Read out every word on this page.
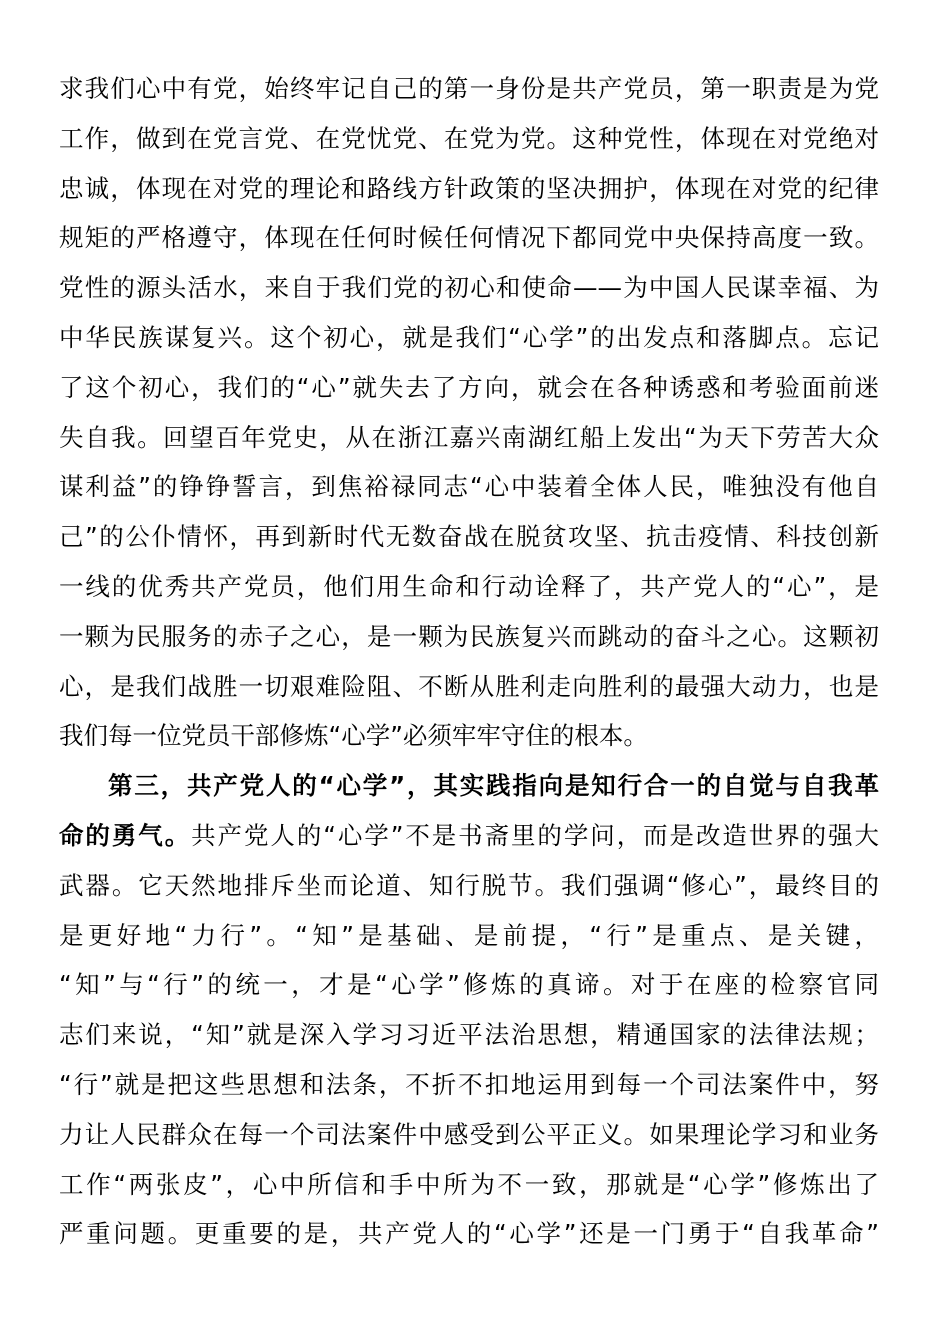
求我们心中有党，始终牢记自己的第一身份是共产党员，第一职责是为党
工作，做到在党言党、在党忧党、在党为党。这种党性，体现在对党绝对
忠诚，体现在对党的理论和路线方针政策的坚决拥护，体现在对党的纪律
规矩的严格遵守，体现在任何时候任何情况下都同党中央保持高度一致。
党性的源头活水，来自于我们党的初心和使命——为中国人民谋幸福、为
中华民族谋复兴。这个初心，就是我们“心学”的出发点和落脚点。忘记
了这个初心，我们的“心”就失去了方向，就会在各种诱惑和考验面前迷
失自我。回望百年党史，从在浙江嘉兴南湖红船上发出“为天下劳苦大众
谋利益”的铮铮誓言，到焦裕禄同志“心中装着全体人民，唯独没有他自
己”的公仆情怀，再到新时代无数奋战在脱贫攻坚、抗击疫情、科技创新
一线的优秀共产党员，他们用生命和行动诠释了，共产党人的“心”，是
一颗为民服务的赤子之心，是一颗为民族复兴而跳动的奋斗之心。这颗初
心，是我们战胜一切艰难险阻、不断从胜利走向胜利的最强大动力，也是
我们每一位党员干部修炼“心学”必须牢牢守住的根本。
第三，共产党人的“心学”，其实践指向是知行合一的自觉与自我革
命的勇气。共产党人的“心学”不是书斋里的学问，而是改造世界的强大
武器。它天然地排斥坐而论道、知行脱节。我们强调“修心”，最终目的
是更好地“力行”。“知”是基础、是前提，“行”是重点、是关键，
“知”与“行”的统一，才是“心学”修炼的真谛。对于在座的检察官同
志们来说，“知”就是深入学习习近平法治思想，精通国家的法律法规；
“行”就是把这些思想和法条，不折不扣地运用到每一个司法案件中，努
力让人民群众在每一个司法案件中感受到公平正义。如果理论学习和业务
工作“两张皮”，心中所信和手中所为不一致，那就是“心学”修炼出了
严重问题。更重要的是，共产党人的“心学”还是一门勇于“自我革命”
